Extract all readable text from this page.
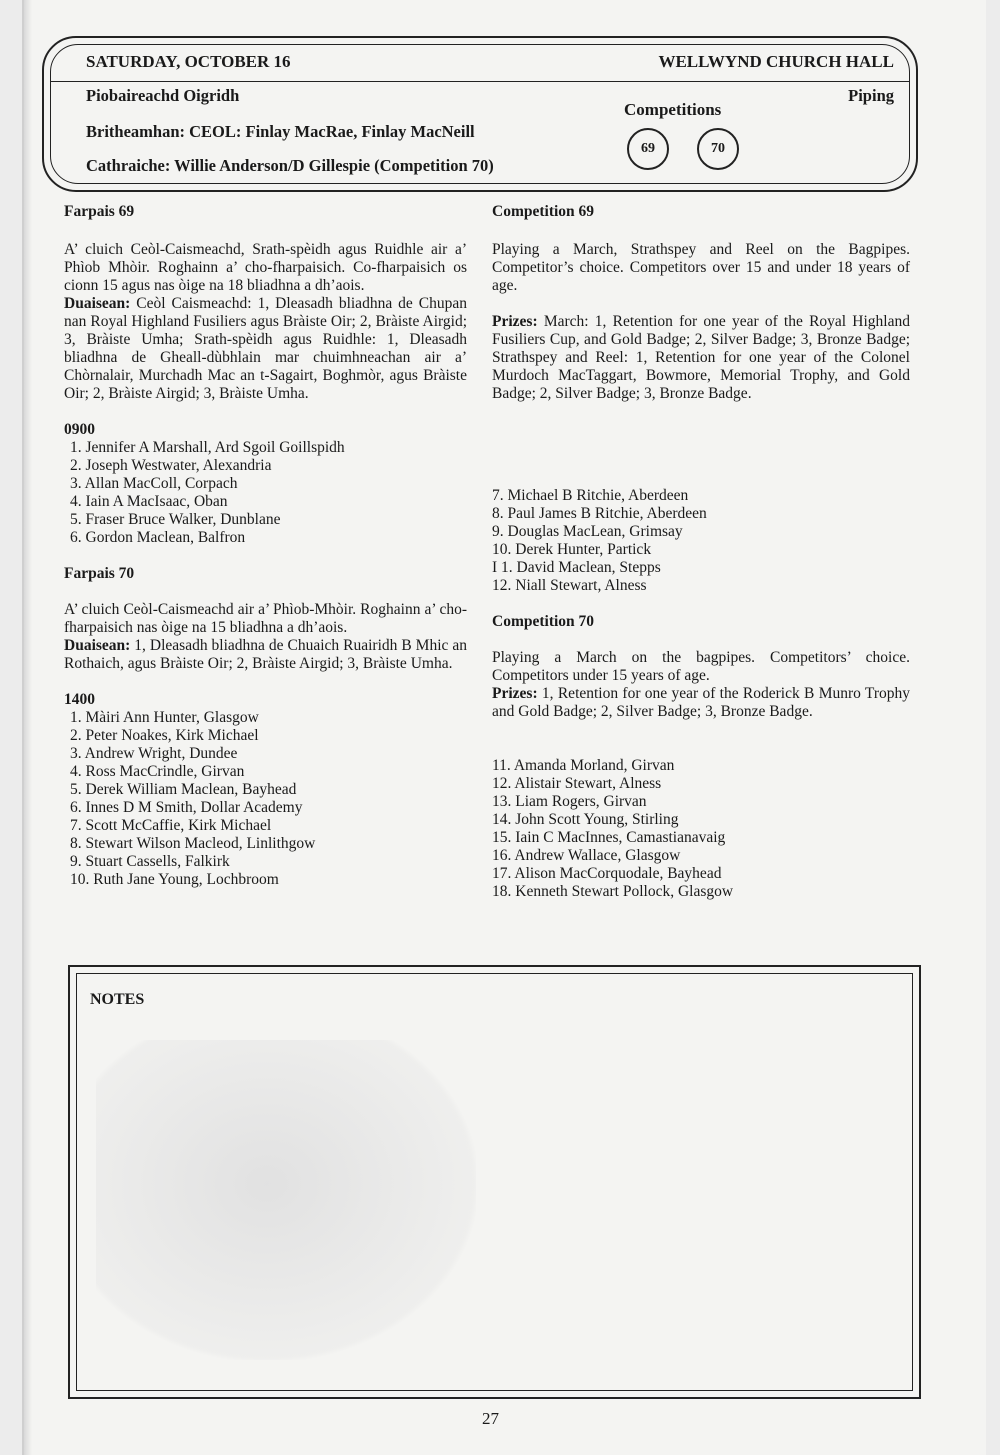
SATURDAY, OCTOBER 16	WELLWYND CHURCH HALL
Piobaireachd Oigridh	Piping
Britheamhan: CEOL: Finlay MacRae, Finlay MacNeill
Cathraiche: Willie Anderson/D Gillespie (Competition 70)
Competitions
69	70
Farpais 69

A’ cluich Ceòl-Caismeachd, Srath-spèidh agus Ruidhle air a’ Phìob Mhòir. Roghainn a’ cho-fharpaisich. Co-fharpaisich os cionn 15 agus nas òige na 18 bliadhna a dh’aois.

Duaisean: Ceòl Caismeachd: 1, Dleasadh bliadhna de Chupan nan Royal Highland Fusiliers agus Bràiste Oir; 2, Bràiste Airgid; 3, Bràiste Umha; Srath-spèidh agus Ruidhle: 1, Dleasadh bliadhna de Gheall-dùbhlain mar chuimhneachan air a’ Chòrnalair, Murchadh Mac an t-Sagairt, Boghmòr, agus Bràiste Oir; 2, Bràiste Airgid; 3, Bràiste Umha.

0900
1. Jennifer A Marshall, Ard Sgoil Goillspidh
2. Joseph Westwater, Alexandria
3. Allan MacColl, Corpach
4. Iain A MacIsaac, Oban
5. Fraser Bruce Walker, Dunblane
6. Gordon Maclean, Balfron
Farpais 70

A’ cluich Ceòl-Caismeachd air a’ Phìob-Mhòir. Roghainn a’ cho-fharpaisich nas òige na 15 bliadhna a dh’aois.

Duaisean: 1, Dleasadh bliadhna de Chuaich Ruairidh B Mhic an Rothaich, agus Bràiste Oir; 2, Bràiste Airgid; 3, Bràiste Umha.

1400
1. Màiri Ann Hunter, Glasgow
2. Peter Noakes, Kirk Michael
3. Andrew Wright, Dundee
4. Ross MacCrindle, Girvan
5. Derek William Maclean, Bayhead
6. Innes D M Smith, Dollar Academy
7. Scott McCaffie, Kirk Michael
8. Stewart Wilson Macleod, Linlithgow
9. Stuart Cassells, Falkirk
10. Ruth Jane Young, Lochbroom
Competition 69

Playing a March, Strathspey and Reel on the Bagpipes. Competitor’s choice. Competitors over 15 and under 18 years of age.

Prizes: March: 1, Retention for one year of the Royal Highland Fusiliers Cup, and Gold Badge; 2, Silver Badge; 3, Bronze Badge; Strathspey and Reel: 1, Retention for one year of the Colonel Murdoch MacTaggart, Bowmore, Memorial Trophy, and Gold Badge; 2, Silver Badge; 3, Bronze Badge.

7. Michael B Ritchie, Aberdeen
8. Paul James B Ritchie, Aberdeen
9. Douglas MacLean, Grimsay
10. Derek Hunter, Partick
I 1. David Maclean, Stepps
12. Niall Stewart, Alness
Competition 70

Playing a March on the bagpipes. Competitors’ choice. Competitors under 15 years of age.

Prizes: 1, Retention for one year of the Roderick B Munro Trophy and Gold Badge; 2, Silver Badge; 3, Bronze Badge.

11. Amanda Morland, Girvan
12. Alistair Stewart, Alness
13. Liam Rogers, Girvan
14. John Scott Young, Stirling
15. Iain C MacInnes, Camastianavaig
16. Andrew Wallace, Glasgow
17. Alison MacCorquodale, Bayhead
18. Kenneth Stewart Pollock, Glasgow
NOTES
27
